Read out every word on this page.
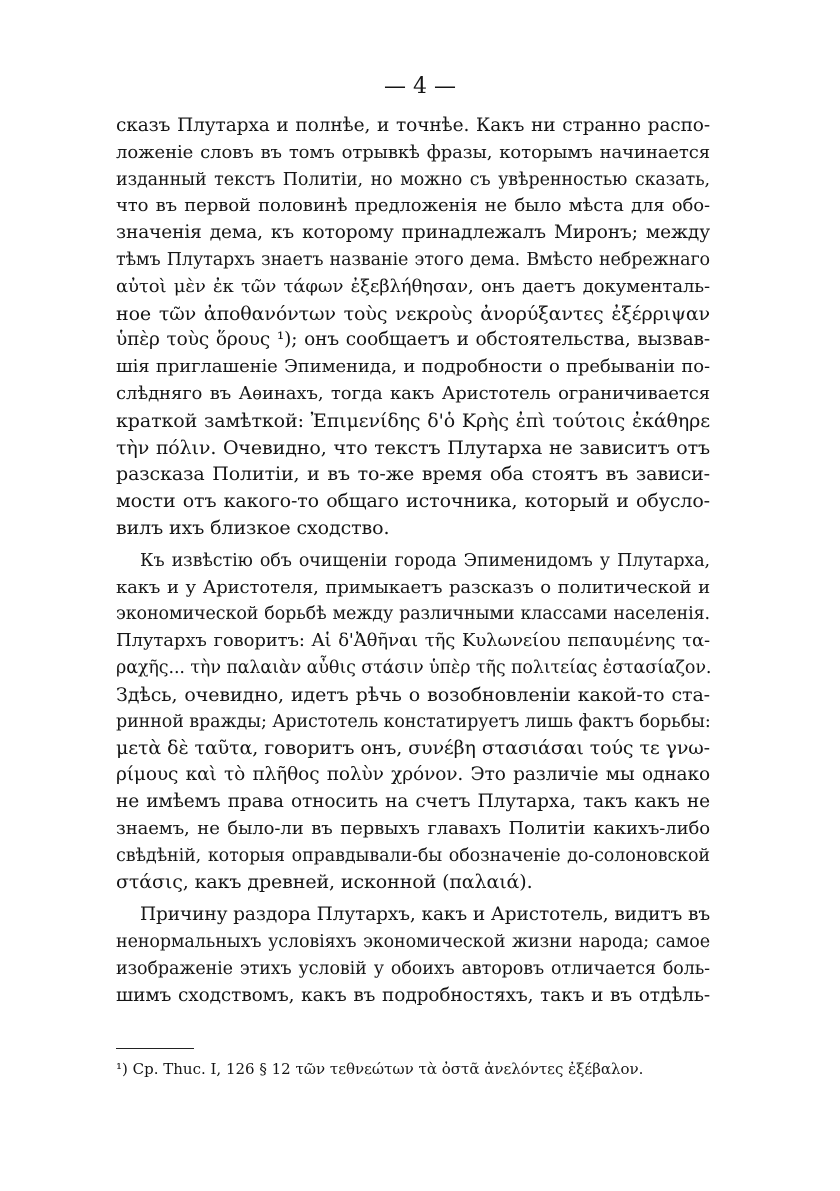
— 4 —
сказъ Плутарха и полнѣе, и точнѣе. Какъ ни странно распо-
ложеніе словъ въ томъ отрывкѣ фразы, которымъ начинается
изданный текстъ Политіи, но можно съ увѣренностью сказать,
что въ первой половинѣ предложенія не было мѣста для обо-
значенія дема, къ которому принадлежалъ Миронъ; между
тѣмъ Плутархъ знаетъ названіе этого дема. Вмѣсто небрежнаго
αὐτοὶ μὲν ἐκ τῶν τάφων ἐξεβλήθησαν, онъ даетъ документаль-
ное τῶν ἀποθανόντων τοὺς νεκροὺς ἀνορύξαντες ἐξέρριψαν
ὑπὲρ τοὺς ὅρους ¹); онъ сообщаетъ и обстоятельства, вызвав-
шія приглашеніе Эпименида, и подробности о пребываніи по-
слѣдняго въ Аѳинахъ, тогда какъ Аристотель ограничивается
краткой замѣткой: Ἐπιμενίδης δ'ὁ Κρὴς ἐπὶ τούτοις ἐκάθηρε
τὴν πόλιν. Очевидно, что текстъ Плутарха не зависитъ отъ
разсказа Политіи, и въ то-же время оба стоятъ въ зависи-
мости отъ какого-то общаго источника, который и обусло-
вилъ ихъ близкое сходство.
Къ извѣстію объ очищеніи города Эпименидомъ у Плутарха,
какъ и у Аристотеля, примыкаетъ разсказъ о политической и
экономической борьбѣ между различными классами населенія.
Плутархъ говоритъ: Αἱ δ'Ἀθῆναι τῆς Κυλωνείου πεπαυμένης τα-
ραχῆς... τὴν παλαιὰν αὖθις στάσιν ὑπὲρ τῆς πολιτείας ἐστασίαζον.
Здѣсь, очевидно, идетъ рѣчь о возобновленіи какой-то ста-
ринной вражды; Аристотель констатируетъ лишь фактъ борьбы:
μετὰ δὲ ταῦτα, говоритъ онъ, συνέβη στασιάσαι τούς τε γνω-
ρίμους καὶ τὸ πλῆθος πολὺν χρόνον. Это различіе мы однако
не имѣемъ права относить на счетъ Плутарха, такъ какъ не
знаемъ, не было-ли въ первыхъ главахъ Политіи какихъ-либо
свѣдѣній, которыя оправдывали-бы обозначеніе до-солоновской
στάσις, какъ древней, исконной (παλαιά).
Причину раздора Плутархъ, какъ и Аристотель, видитъ въ
ненормальныхъ условіяхъ экономической жизни народа; самое
изображеніе этихъ условій у обоихъ авторовъ отличается боль-
шимъ сходствомъ, какъ въ подробностяхъ, такъ и въ отдѣль-
¹) Ср. Thuc. I, 126 § 12 τῶν τεθνεώτων τὰ ὀστᾶ ἀνελόντες ἐξέβαλον.
